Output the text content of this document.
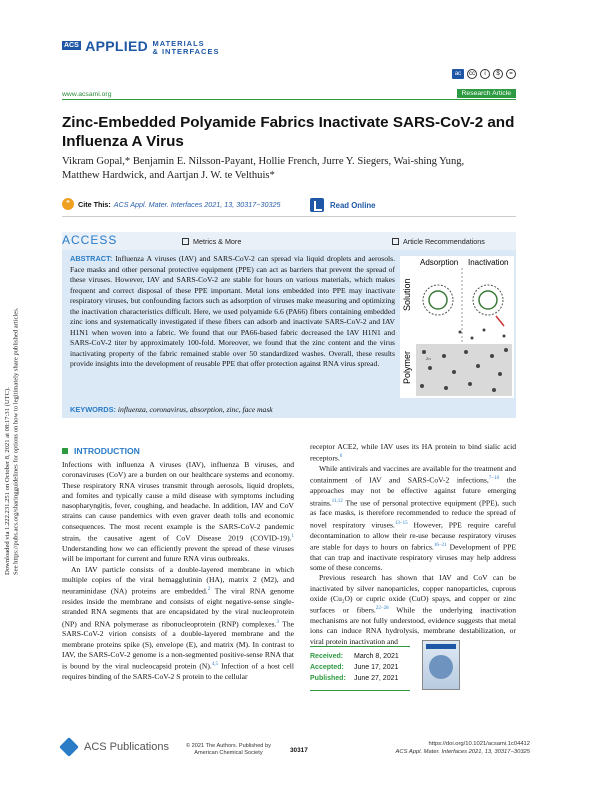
Downloaded via 1.222.231.251 on October 8, 2021 at 08:17:31 (UTC). See https://pubs.acs.org/sharingguidelines for options on how to legitimately share published articles.
ACS APPLIED MATERIALS
& INTERFACES
ac	cc	i	$	=
www.acsami.org	Research Article
Zinc-Embedded Polyamide Fabrics Inactivate SARS-CoV-2 and Influenza A Virus
Vikram Gopal,* Benjamin E. Nilsson-Payant, Hollie French, Jurre Y. Siegers, Wai-shing Yung,
Matthew Hardwick, and Aartjan J. W. te Velthuis*
❝	Cite This: ACS Appl. Mater. Interfaces 2021, 13, 30317−30325	Read Online
ACCESS	Metrics & More	Article Recommendations

ABSTRACT: Influenza A viruses (IAV) and SARS-CoV-2 can spread via liquid droplets and aerosols. Face masks and other personal protective equipment (PPE) can act as barriers that prevent the spread of these viruses. However, IAV and SARS-CoV-2 are stable for hours on various materials, which makes frequent and correct disposal of these PPE important. Metal ions embedded into PPE may inactivate respiratory viruses, but confounding factors such as adsorption of viruses make measuring and optimizing the inactivation characteristics difficult. Here, we used polyamide 6.6 (PA66) fibers containing embedded zinc ions and systematically investigated if these fibers can adsorb and inactivate SARS-CoV-2 and IAV H1N1 when woven into a fabric. We found that our PA66-based fabric decreased the IAV H1N1 and SARS-CoV-2 titer by approximately 100-fold. Moreover, we found that the zinc content and the virus inactivating property of the fabric remained stable over 50 standardized washes. Overall, these results provide insights into the development of reusable PPE that offer protection against RNA virus spread.

KEYWORDS: influenza, coronavirus, absorption, zinc, face mask

Adsorption Inactivation
Solution
Polymer	Zn
INTRODUCTION

Infections with influenza A viruses (IAV), influenza B viruses, and coronaviruses (CoV) are a burden on our healthcare systems and economy. These respiratory RNA viruses transmit through aerosols, liquid droplets, and fomites and typically cause a mild disease with symptoms including nasopharyngitis, fever, coughing, and headache. In addition, IAV and CoV strains can cause pandemics with even graver death tolls and economic consequences. The most recent example is the SARS-CoV-2 pandemic strain, the causative agent of CoV Disease 2019 (COVID-19).$^1$ Understanding how we can efficiently prevent the spread of these viruses will be important for current and future RNA virus outbreaks.

An IAV particle consists of a double-layered membrane in which multiple copies of the viral hemagglutinin (HA), matrix 2 (M2), and neuraminidase (NA) proteins are embedded.$^2$ The viral RNA genome resides inside the membrane and consists of eight negative-sense single-stranded RNA segments that are encapsidated by the viral nucleoprotein (NP) and RNA polymerase as ribonucleoprotein (RNP) complexes.$^3$ The SARS-CoV-2 virion consists of a double-layered membrane and the membrane proteins spike (S), envelope (E), and matrix (M). In contrast to IAV, the SARS-CoV-2 genome is a non-segmented positive-sense RNA that is bound by the viral nucleocapsid protein (N).$^{4,5}$ Infection of a host cell requires binding of the SARS-CoV-2 S protein to the cellular

receptor ACE2, while IAV uses its HA protein to bind sialic acid receptors.$^6$

While antivirals and vaccines are available for the treatment and containment of IAV and SARS-CoV-2 infections,$^{7-10}$ the approaches may not be effective against future emerging strains.$^{11,12}$ The use of personal protective equipment (PPE), such as face masks, is therefore recommended to reduce the spread of novel respiratory viruses.$^{13-15}$ However, PPE require careful decontamination to allow their re-use because respiratory viruses are stable for days to hours on fabrics.$^{16-21}$ Development of PPE that can trap and inactivate respiratory viruses may help address some of these concerns.

Previous research has shown that IAV and CoV can be inactivated by silver nanoparticles, copper nanoparticles, cuprous oxide (Cu₂O) or cupric oxide (CuO) spays, and copper or zinc surfaces or fibers.$^{22-28}$ While the underlying inactivation mechanisms are not fully understood, evidence suggests that metal ions can induce RNA hydrolysis, membrane destabilization, or viral protein inactivation and

Received: March 8, 2021
Accepted: June 17, 2021
Published: June 27, 2021
ACS Publications	© 2021 The Authors. Published by
American Chemical Society	30317
https://doi.org/10.1021/acsami.1c04412
ACS Appl. Mater. Interfaces 2021, 13, 30317−30325
